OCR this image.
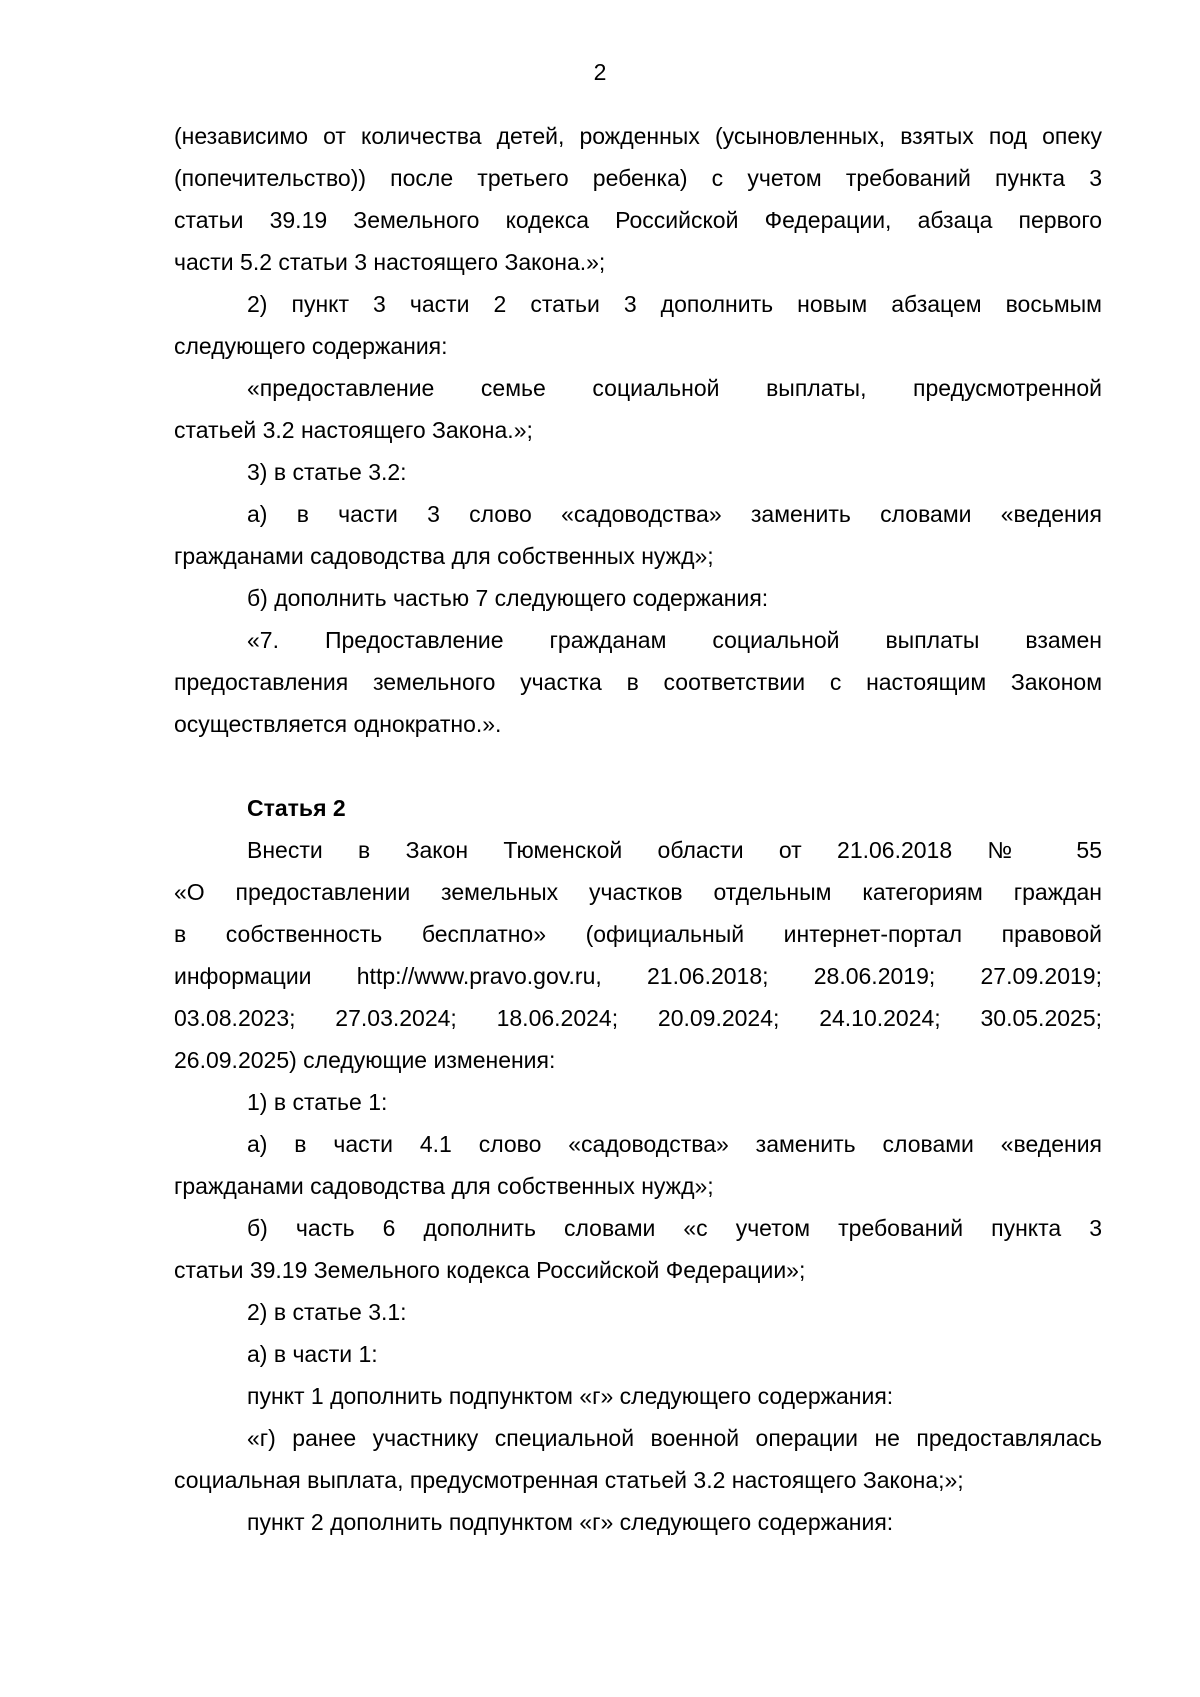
2
(независимо от количества детей, рожденных (усыновленных, взятых под опеку
(попечительство)) после третьего ребенка) с учетом требований пункта 3
статьи 39.19 Земельного кодекса Российской Федерации, абзаца первого
части 5.2 статьи 3 настоящего Закона.»;
2) пункт 3 части 2 статьи 3 дополнить новым абзацем восьмым
следующего содержания:
«предоставление семье социальной выплаты, предусмотренной
статьей 3.2 настоящего Закона.»;
3) в статье 3.2:
а) в части 3 слово «садоводства» заменить словами «ведения
гражданами садоводства для собственных нужд»;
б) дополнить частью 7 следующего содержания:
«7. Предоставление гражданам социальной выплаты взамен
предоставления земельного участка в соответствии с настоящим Законом
осуществляется однократно.».
Статья 2
Внести в Закон Тюменской области от 21.06.2018 № 55
«О предоставлении земельных участков отдельным категориям граждан
в собственность бесплатно» (официальный интернет-портал правовой
информации http://www.pravo.gov.ru, 21.06.2018; 28.06.2019; 27.09.2019;
03.08.2023; 27.03.2024; 18.06.2024; 20.09.2024; 24.10.2024; 30.05.2025;
26.09.2025) следующие изменения:
1) в статье 1:
а) в части 4.1 слово «садоводства» заменить словами «ведения
гражданами садоводства для собственных нужд»;
б) часть 6 дополнить словами «с учетом требований пункта 3
статьи 39.19 Земельного кодекса Российской Федерации»;
2) в статье 3.1:
а) в части 1:
пункт 1 дополнить подпунктом «г» следующего содержания:
«г) ранее участнику специальной военной операции не предоставлялась
социальная выплата, предусмотренная статьей 3.2 настоящего Закона;»;
пункт 2 дополнить подпунктом «г» следующего содержания:
